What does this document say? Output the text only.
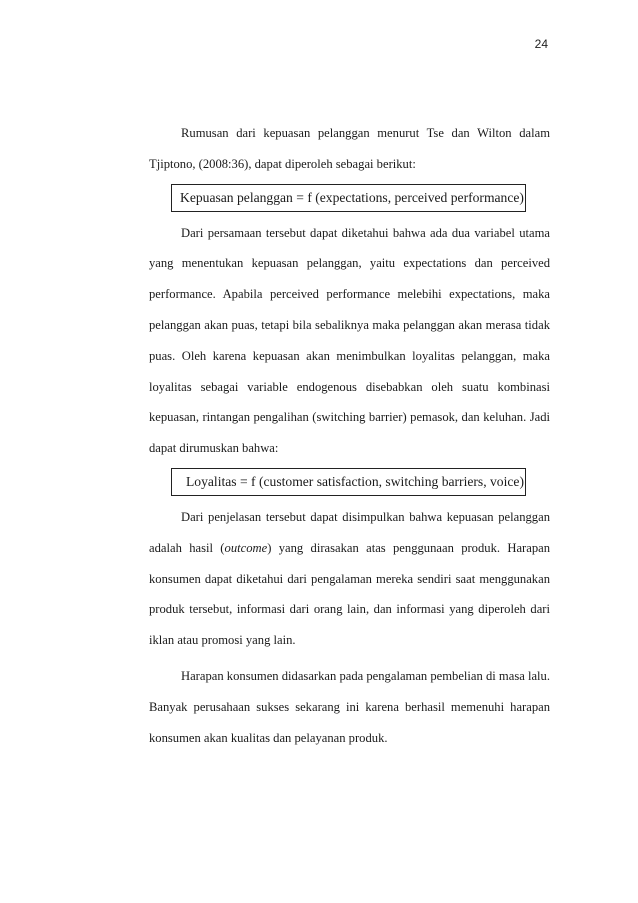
24

Rumusan dari kepuasan pelanggan menurut Tse dan Wilton dalam Tjiptono, (2008:36), dapat diperoleh sebagai berikut:

Kepuasan pelanggan = f (expectations, perceived performance)

Dari persamaan tersebut dapat diketahui bahwa ada dua variabel utama yang menentukan kepuasan pelanggan, yaitu expectations dan perceived performance. Apabila perceived performance melebihi expectations, maka pelanggan akan puas, tetapi bila sebaliknya maka pelanggan akan merasa tidak puas. Oleh karena kepuasan akan menimbulkan loyalitas pelanggan, maka loyalitas sebagai variable endogenous disebabkan oleh suatu kombinasi kepuasan, rintangan pengalihan (switching barrier) pemasok, dan keluhan. Jadi dapat dirumuskan bahwa:

Loyalitas = f (customer satisfaction, switching barriers, voice)

Dari penjelasan tersebut dapat disimpulkan bahwa kepuasan pelanggan adalah hasil (outcome) yang dirasakan atas penggunaan produk. Harapan konsumen dapat diketahui dari pengalaman mereka sendiri saat menggunakan produk tersebut, informasi dari orang lain, dan informasi yang diperoleh dari iklan atau promosi yang lain.

Harapan konsumen didasarkan pada pengalaman pembelian di masa lalu. Banyak perusahaan sukses sekarang ini karena berhasil memenuhi harapan konsumen akan kualitas dan pelayanan produk.
